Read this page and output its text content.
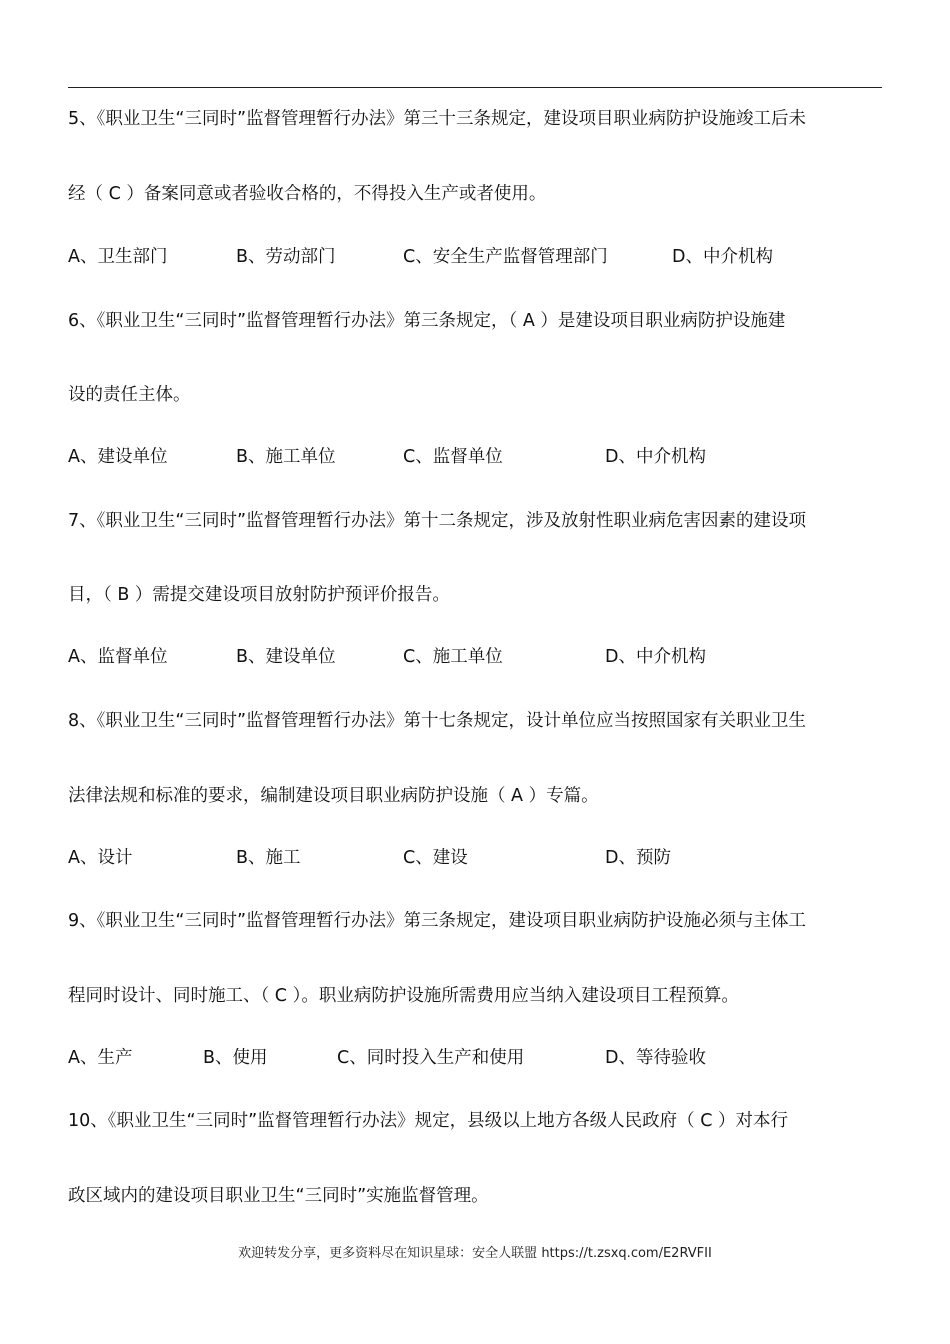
5、《职业卫生“三同时”监督管理暂行办法》第三十三条规定，建设项目职业病防护设施竣工后未
经（ C ）备案同意或者验收合格的，不得投入生产或者使用。
A、卫生部门	B、劳动部门	C、安全生产监督管理部门	D、中介机构
6、《职业卫生“三同时”监督管理暂行办法》第三条规定，（ A ）是建设项目职业病防护设施建
设的责任主体。
A、建设单位	B、施工单位	C、监督单位	D、中介机构
7、《职业卫生“三同时”监督管理暂行办法》第十二条规定，涉及放射性职业病危害因素的建设项
目，（ B ）需提交建设项目放射防护预评价报告。
A、监督单位	B、建设单位	C、施工单位	D、中介机构
8、《职业卫生“三同时”监督管理暂行办法》第十七条规定，设计单位应当按照国家有关职业卫生
法律法规和标准的要求，编制建设项目职业病防护设施（ A ）专篇。
A、设计	B、施工	C、建设	D、预防
9、《职业卫生“三同时”监督管理暂行办法》第三条规定，建设项目职业病防护设施必须与主体工
程同时设计、同时施工、（ C ）。职业病防护设施所需费用应当纳入建设项目工程预算。
A、生产	B、使用	C、同时投入生产和使用	D、等待验收
10、《职业卫生“三同时”监督管理暂行办法》规定，县级以上地方各级人民政府（ C ）对本行
政区域内的建设项目职业卫生“三同时”实施监督管理。
欢迎转发分享，更多资料尽在知识星球：安全人联盟 https://t.zsxq.com/E2RVFII
